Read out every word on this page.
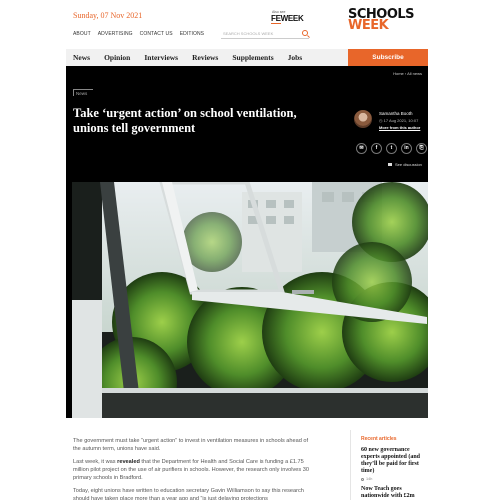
Sunday, 07 Nov 2021
ABOUT ADVERTISING CONTACT US EDITIONS
Also see
FEWEEK
SEARCH SCHOOLS WEEK
SCHOOLS
WEEK
News Opinion Interviews Reviews Supplements Jobs	Subscribe
Home › All news
News
Take ‘urgent action’ on school ventilation, unions tell government
Samantha Booth
◷ 17 Aug 2021, 10:07
More from this author
✉	f	t	in	⎘
See discussion

The government must take “urgent action” to invest in ventilation measures in schools ahead of the autumn term, unions have said.

Last week, it was revealed that the Department for Health and Social Care is funding a £1.75 million pilot project on the use of air purifiers in schools. However, the research only involves 30 primary schools in Bradford.

Today, eight unions have written to education secretary Gavin Williamson to say this research should have taken place more than a year ago and “is just delaying protections

Recent articles
60 new governance experts appointed (and they’ll be paid for first time)
14h
Now Teach goes nationwide with £2m
